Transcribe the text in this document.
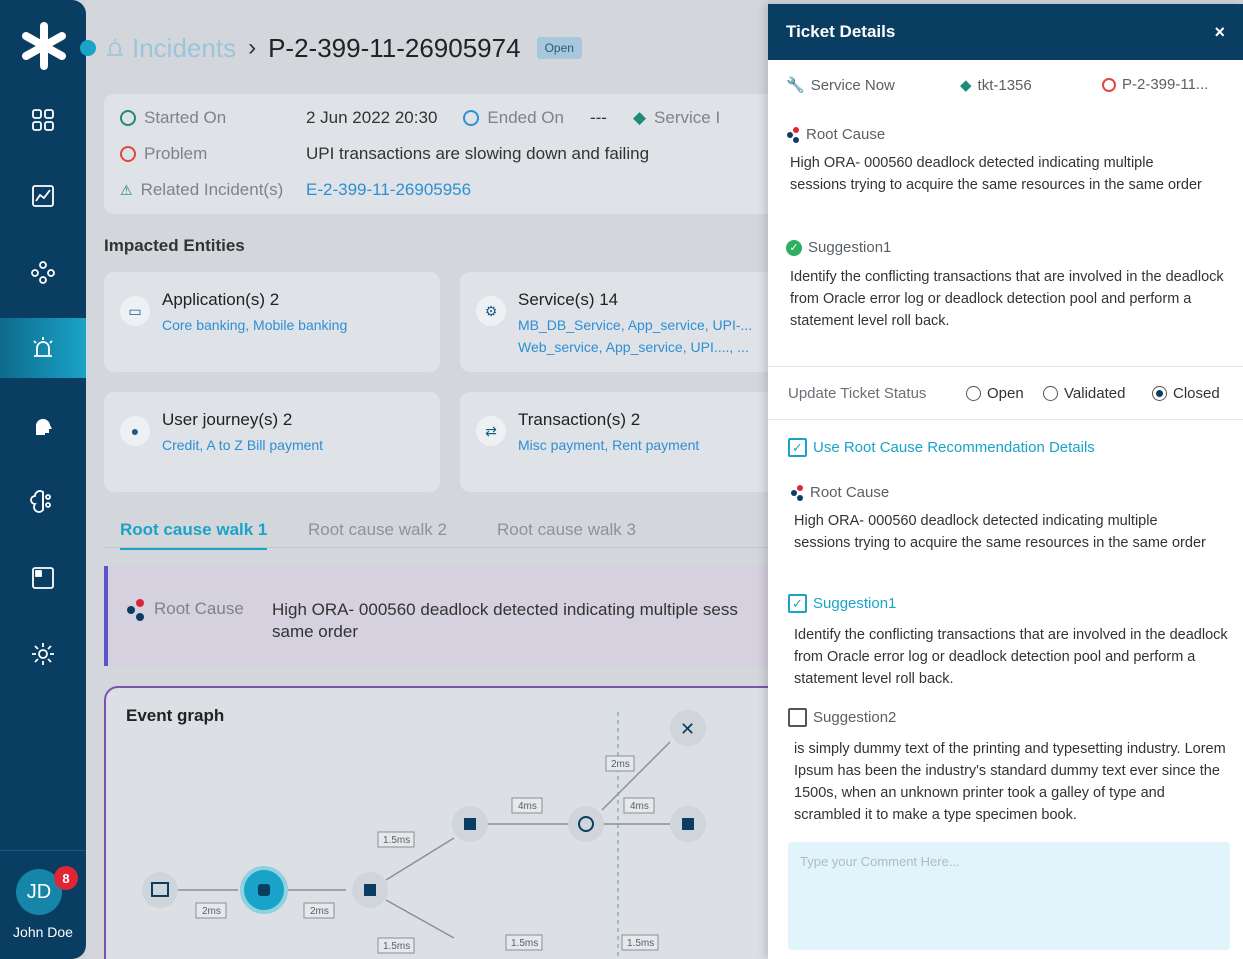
JD
8
John Doe
Incidents › P-2-399-11-26905974	Open
Started On	2 Jun 2022 20:30	Ended On --- ◆ Service I
Problem	UPI transactions are slowing down and failing
⚠ Related Incident(s) E-2-399-11-26905956
Impacted Entities
▭
Application(s) 2
Core banking, Mobile banking
⚙
Service(s) 14
MB_DB_Service, App_service, UPI-...
Web_service, App_service, UPI...., ...
●
User journey(s) 2
Credit, A to Z Bill payment
⇄
Transaction(s) 2
Misc payment, Rent payment
Root cause walk 1 Root cause walk 2	Root cause walk 3
Root Cause High ORA- 000560 deadlock detected indicating multiple sess
same order
Event graph
✕
2ms	2ms
1.5ms
4ms
2ms
4ms
1.5ms	1.5ms	1.5ms
Ticket Details	×
🔧 Service Now	◆ tkt-1356	P-2-399-11...
Root Cause
High ORA- 000560 deadlock detected indicating multiple sessions trying to acquire the same resources in the same order
✓ Suggestion1
Identify the conflicting transactions that are involved in the deadlock from Oracle error log or deadlock detection pool and perform a statement level roll back.
Update Ticket Status	Open	Validated	Closed
✓ Use Root Cause Recommendation Details
Root Cause
High ORA- 000560 deadlock detected indicating multiple sessions trying to acquire the same resources in the same order
✓ Suggestion1
Identify the conflicting transactions that are involved in the deadlock from Oracle error log or deadlock detection pool and perform a statement level roll back.
Suggestion2
is simply dummy text of the printing and typesetting industry. Lorem Ipsum has been the industry's standard dummy text ever since the 1500s, when an unknown printer took a galley of type and scrambled it to make a type specimen book.
Type your Comment Here...
